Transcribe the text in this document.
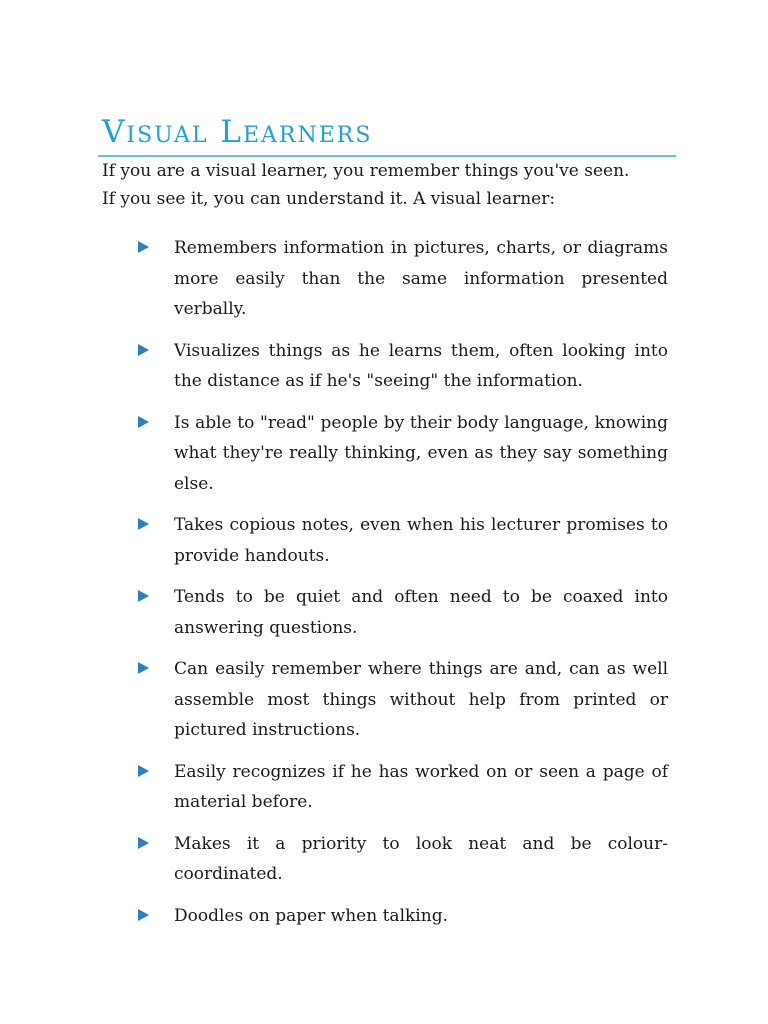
Visual Learners

If you are a visual learner, you remember things you've seen.
If you see it, you can understand it. A visual learner:

Remembers information in pictures, charts, or diagrams more easily than the same information presented verbally.
Visualizes things as he learns them, often looking into the distance as if he's "seeing" the information.
Is able to "read" people by their body language, knowing what they're really thinking, even as they say something else.
Takes copious notes, even when his lecturer promises to provide handouts.
Tends to be quiet and often need to be coaxed into answering questions.
Can easily remember where things are and, can as well assemble most things without help from printed or pictured instructions.
Easily recognizes if he has worked on or seen a page of material before.
Makes it a priority to look neat and be colour-coordinated.
Doodles on paper when talking.
